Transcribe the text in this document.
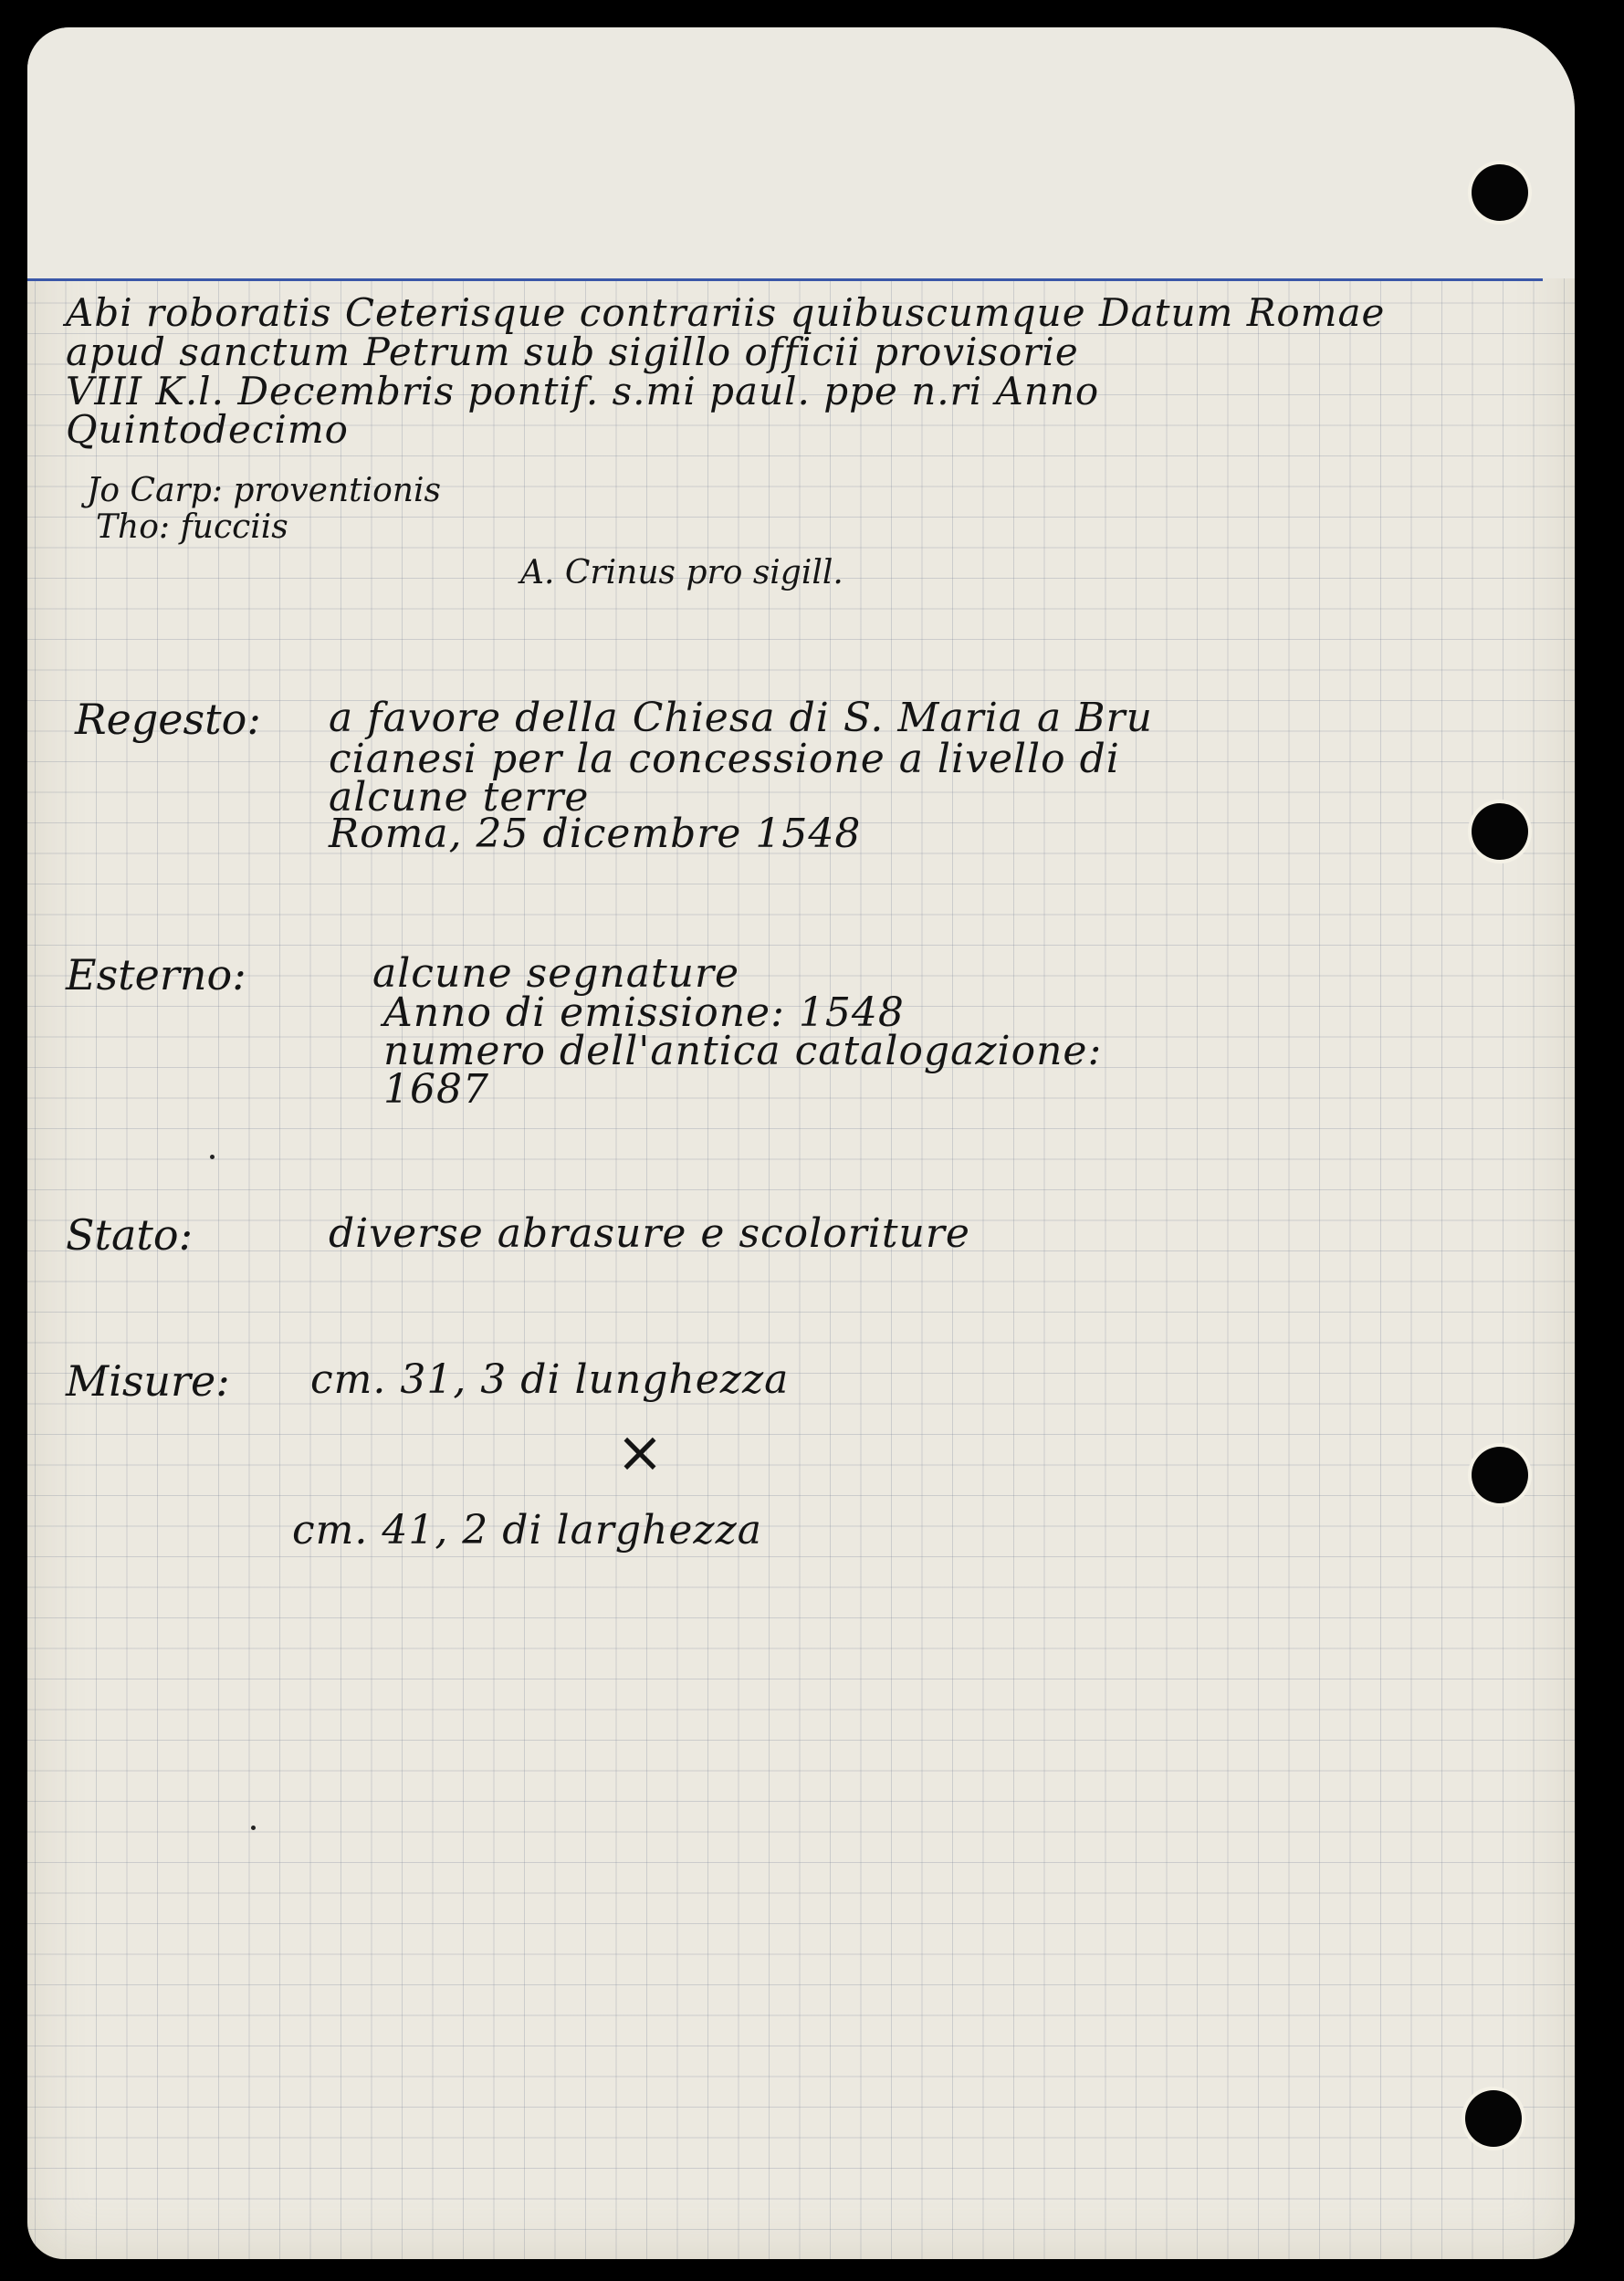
Abi roboratis Ceterisque contrariis quibuscumque Datum Romae
apud sanctum Petrum sub sigillo officii provisorie
VIII K.l. Decembris pontif. s.mi paul. ppe n.ri Anno
Quintodecimo
Jo Carp: proventionis
Tho: fucciis
A. Crinus pro sigill.
Regesto: a favore della Chiesa di S. Maria a Bru
cianesi per la concessione a livello di
alcune terre
Roma, 25 dicembre 1548
Esterno:	alcune segnature
Anno di emissione: 1548
numero dell'antica catalogazione:
1687
Stato:	diverse abrasure e scoloriture
Misure: cm. 31, 3 di lunghezza
×
cm. 41, 2 di larghezza
